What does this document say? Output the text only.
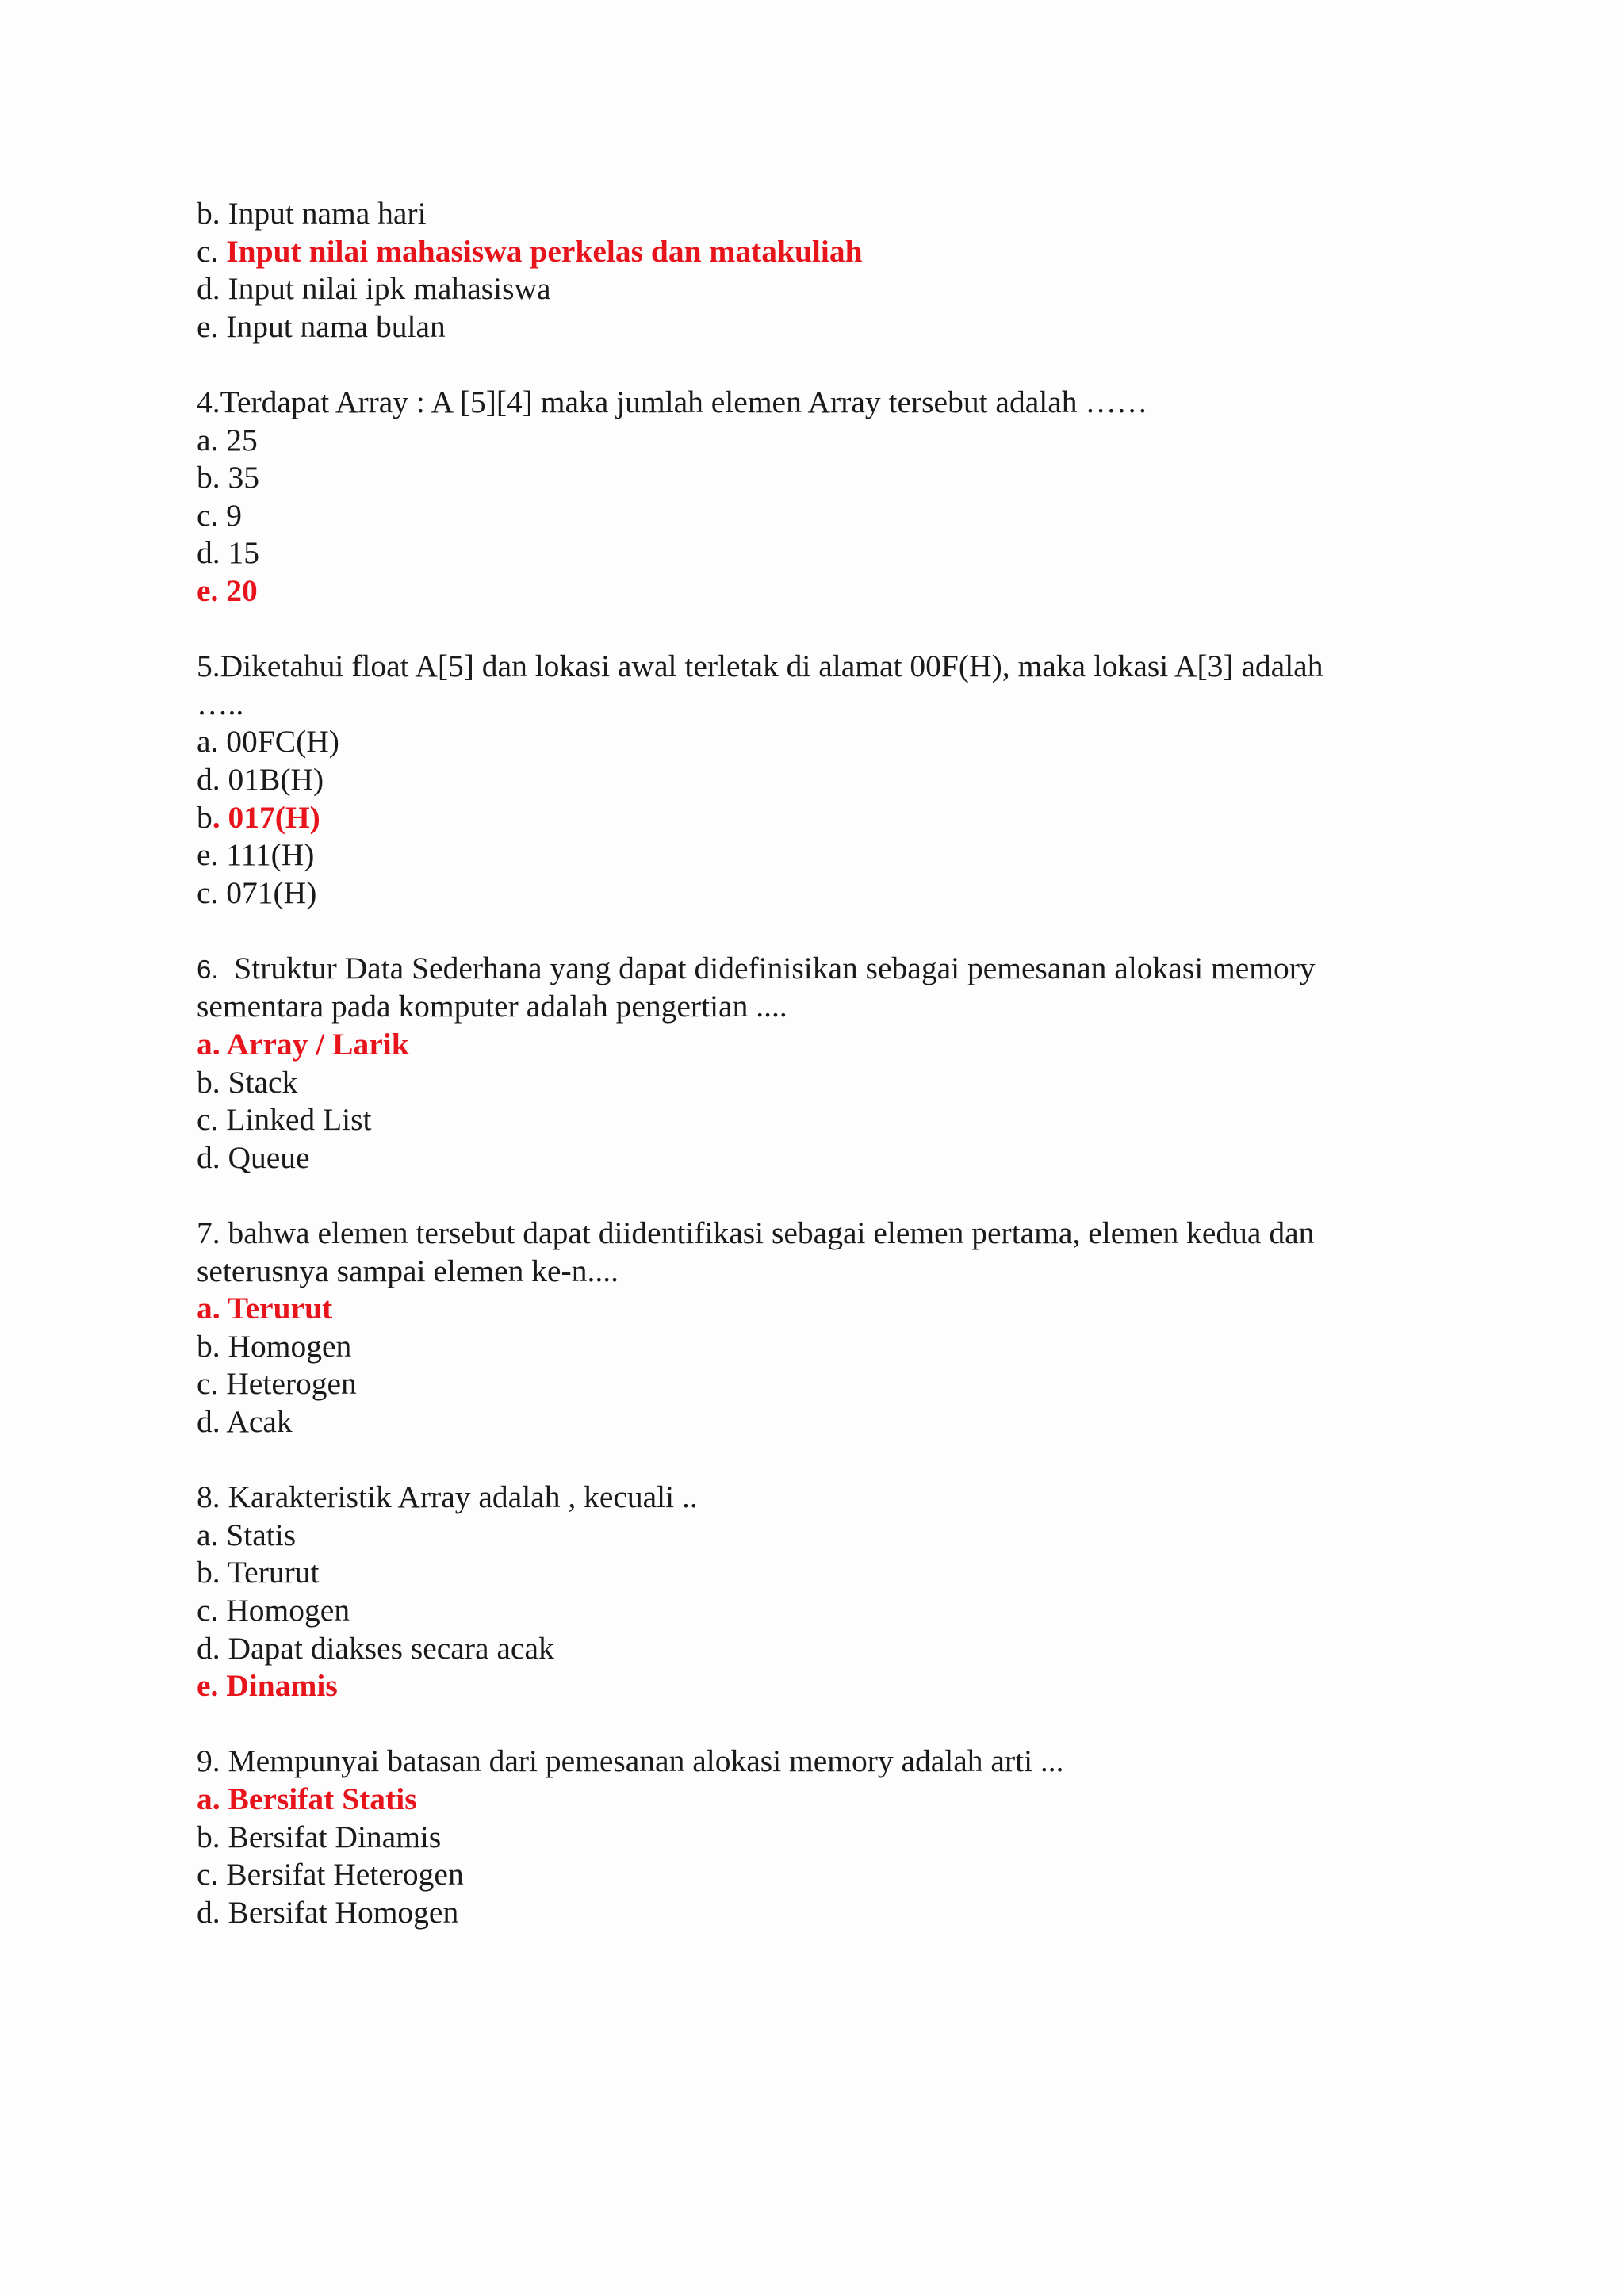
b. Input nama hari

c. Input nilai mahasiswa perkelas dan matakuliah

d. Input nilai ipk mahasiswa

e. Input nama bulan

4.Terdapat Array : A [5][4] maka jumlah elemen Array tersebut adalah ……

a. 25

b. 35

c. 9

d. 15

e. 20

5.Diketahui float A[5] dan lokasi awal terletak di alamat 00F(H), maka lokasi A[3] adalah

…..

a. 00FC(H)

d. 01B(H)

b. 017(H)

e. 111(H)

c. 071(H)

6. Struktur Data Sederhana yang dapat didefinisikan sebagai pemesanan alokasi memory

sementara pada komputer adalah pengertian ....

a. Array / Larik

b. Stack

c. Linked List

d. Queue

7. bahwa elemen tersebut dapat diidentifikasi sebagai elemen pertama, elemen kedua dan

seterusnya sampai elemen ke-n....

a. Terurut

b. Homogen

c. Heterogen

d. Acak

8. Karakteristik Array adalah , kecuali ..

a. Statis

b. Terurut

c. Homogen

d. Dapat diakses secara acak

e. Dinamis

9. Mempunyai batasan dari pemesanan alokasi memory adalah arti ...

a. Bersifat Statis

b. Bersifat Dinamis

c. Bersifat Heterogen

d. Bersifat Homogen
